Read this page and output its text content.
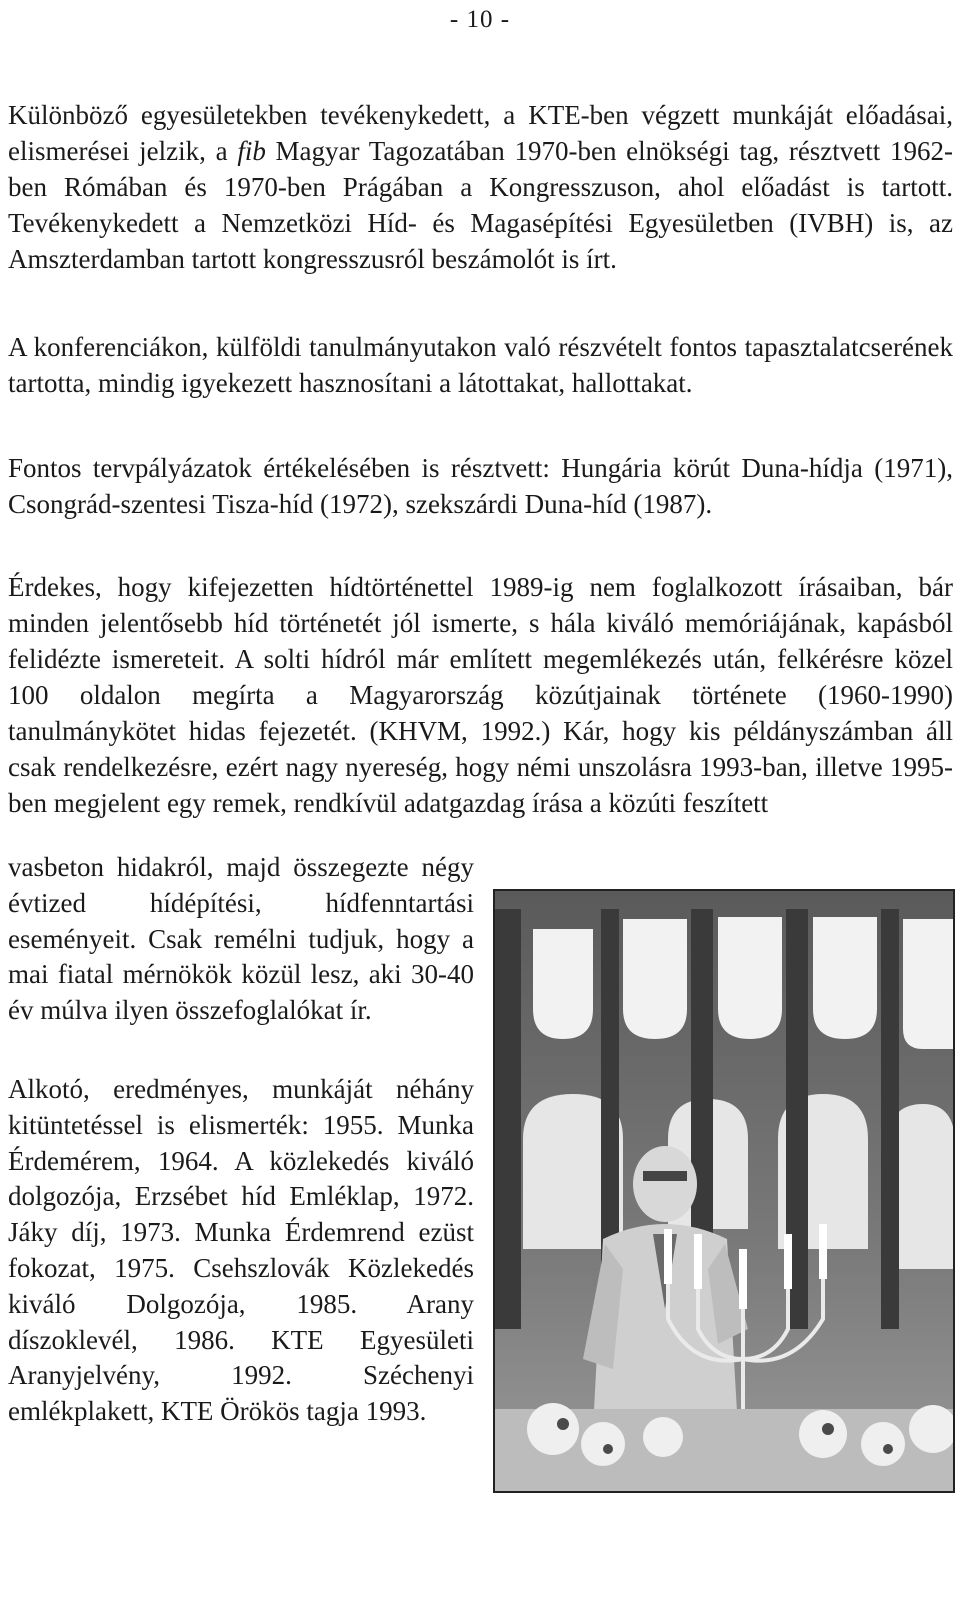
- 10 -

Különböző egyesületekben tevékenykedett, a KTE-ben végzett munkáját előadásai, elismerései jelzik, a fib Magyar Tagozatában 1970-ben elnökségi tag, résztvett 1962-ben Rómában és 1970-ben Prágában a Kongresszuson, ahol előadást is tartott. Tevékenykedett a Nemzetközi Híd- és Magasépítési Egyesületben (IVBH) is, az Amszterdamban tartott kongresszusról beszámolót is írt.

A konferenciákon, külföldi tanulmányutakon való részvételt fontos tapasztalatcserének tartotta, mindig igyekezett hasznosítani a látottakat, hallottakat.

Fontos tervpályázatok értékelésében is résztvett: Hungária körút Duna-hídja (1971), Csongrád-szentesi Tisza-híd (1972), szekszárdi Duna-híd (1987).

Érdekes, hogy kifejezetten hídtörténettel 1989-ig nem foglalkozott írásaiban, bár minden jelentősebb híd történetét jól ismerte, s hála kiváló memóriájának, kapásból felidézte ismereteit. A solti hídról már említett megemlékezés után, felkérésre közel 100 oldalon megírta a Magyarország közútjainak története (1960-1990) tanulmánykötet hidas fejezetét. (KHVM, 1992.) Kár, hogy kis példányszámban áll csak rendelkezésre, ezért nagy nyereség, hogy némi unszolásra 1993-ban, illetve 1995-ben megjelent egy remek, rendkívül adatgazdag írása a közúti feszített

vasbeton hidakról, majd összegezte négy évtized hídépítési, hídfenntartási eseményeit. Csak remélni tudjuk, hogy a mai fiatal mérnökök közül lesz, aki 30-40 év múlva ilyen összefoglalókat ír.

Alkotó, eredményes, munkáját néhány kitüntetéssel is elismerték: 1955. Munka Érdemérem, 1964. A közlekedés kiváló dolgozója, Erzsébet híd Emléklap, 1972. Jáky díj, 1973. Munka Érdemrend ezüst fokozat, 1975. Csehszlovák Közlekedés kiváló Dolgozója, 1985. Arany díszoklevél, 1986. KTE Egyesületi Aranyjelvény, 1992. Széchenyi emlékplakett, KTE Örökös tagja 1993.
